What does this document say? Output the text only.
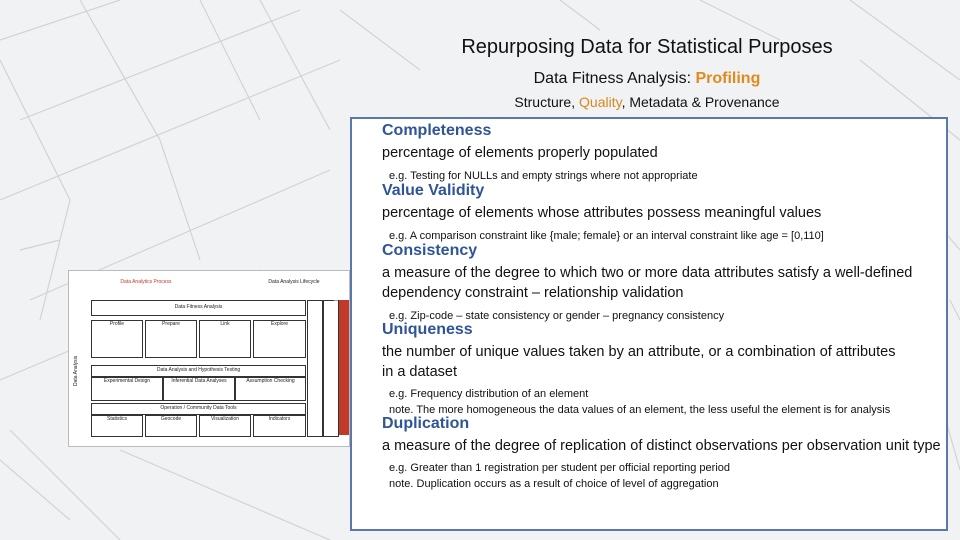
Repurposing Data for Statistical Purposes
Data Fitness Analysis: Profiling
Structure, Quality, Metadata & Provenance
Data Analytics Process	Data Analysis Lifecycle
Data Fitness Analysis
Profile	Prepare	Link	Explore
Data Analysis and Hypothesis Testing
Experimental Design	Inferential Data Analyses	Assumption Checking
Operation / Community Data Tools
Statistics	Geocode	Visualization	Indicators
Data Analysis
Completeness
percentage of elements properly populated
e.g. Testing for NULLs and empty strings where not appropriate
Value Validity
percentage of elements whose attributes possess meaningful values
e.g. A comparison constraint like {male; female} or an interval constraint like age = [0,110]
Consistency
a measure of the degree to which two or more data attributes satisfy a well-defined dependency constraint – relationship validation
e.g. Zip-code – state consistency or gender – pregnancy consistency
Uniqueness
the number of unique values taken by an attribute, or a combination of attributes in a dataset
e.g. Frequency distribution of an element
note. The more homogeneous the data values of an element, the less useful the element is for analysis
Duplication
a measure of the degree of replication of distinct observations per observation unit type
e.g. Greater than 1 registration per student per official reporting period
note. Duplication occurs as a result of choice of level of aggregation
Policy-Based Analysis (PBDA)
